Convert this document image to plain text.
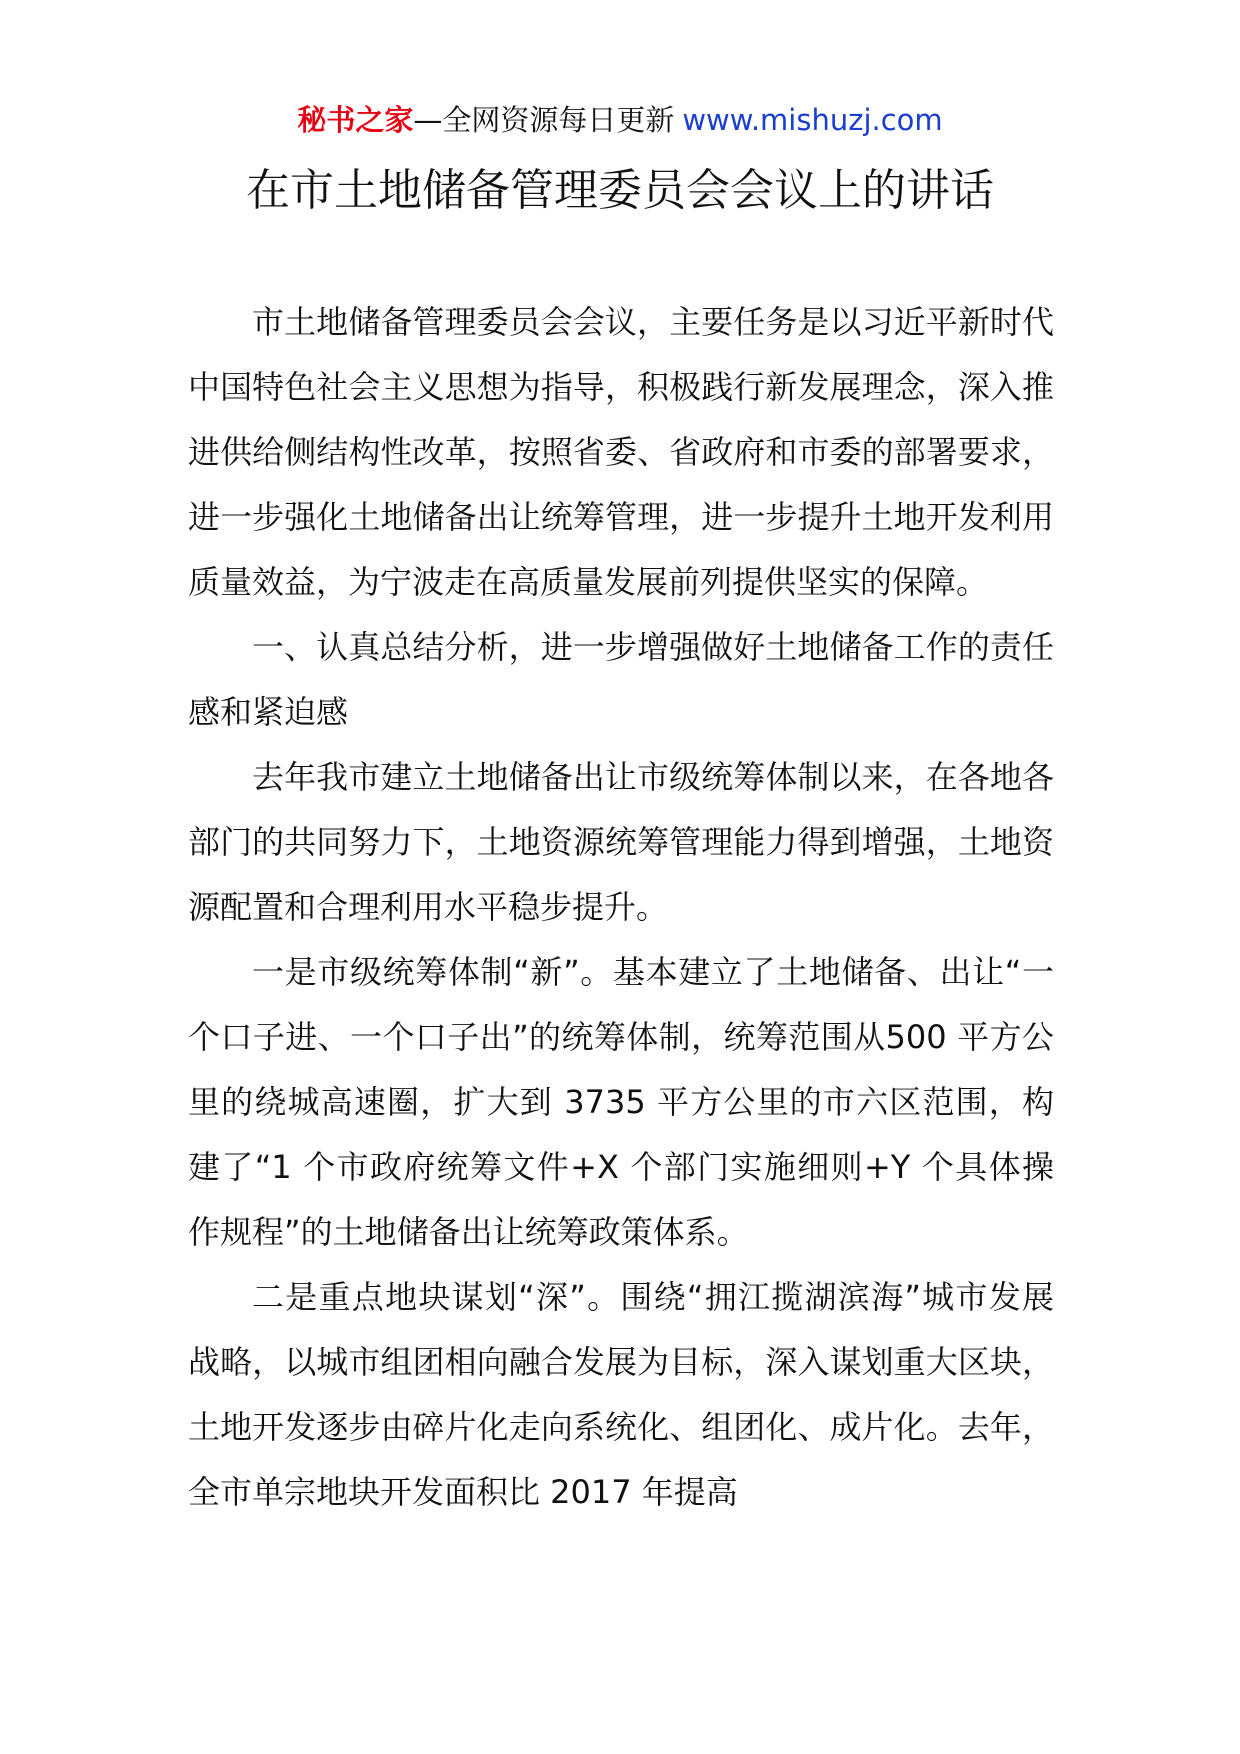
秘书之家—全网资源每日更新 www.mishuzj.com
在市土地储备管理委员会会议上的讲话

市土地储备管理委员会会议，主要任务是以习近平新时代中国特色社会主义思想为指导，积极践行新发展理念，深入推进供给侧结构性改革，按照省委、省政府和市委的部署要求，进一步强化土地储备出让统筹管理，进一步提升土地开发利用质量效益，为宁波走在高质量发展前列提供坚实的保障。

一、认真总结分析，进一步增强做好土地储备工作的责任感和紧迫感

去年我市建立土地储备出让市级统筹体制以来，在各地各部门的共同努力下，土地资源统筹管理能力得到增强，土地资源配置和合理利用水平稳步提升。

一是市级统筹体制“新”。基本建立了土地储备、出让“一个口子进、一个口子出”的统筹体制，统筹范围从500 平方公里的绕城高速圈，扩大到 3735 平方公里的市六区范围，构建了“1 个市政府统筹文件+X 个部门实施细则+Y 个具体操作规程”的土地储备出让统筹政策体系。

二是重点地块谋划“深”。围绕“拥江揽湖滨海”城市发展战略，以城市组团相向融合发展为目标，深入谋划重大区块，土地开发逐步由碎片化走向系统化、组团化、成片化。去年，全市单宗地块开发面积比 2017 年提高
